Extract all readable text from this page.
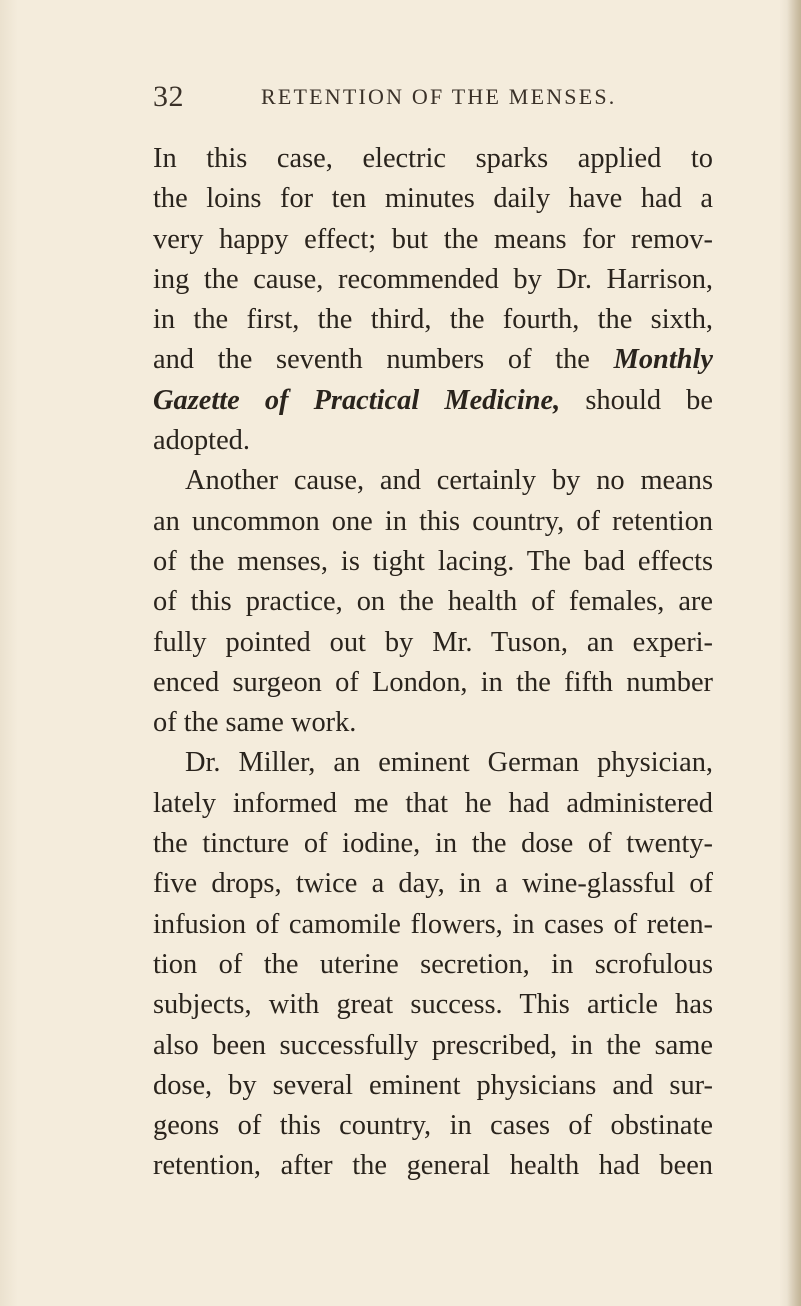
32	RETENTION OF THE MENSES.
In this case, electric sparks applied to
the loins for ten minutes daily have had a
very happy effect; but the means for remov-
ing the cause, recommended by Dr. Harrison,
in the first, the third, the fourth, the sixth,
and the seventh numbers of the Monthly
Gazette of Practical Medicine, should be
adopted.
Another cause, and certainly by no means
an uncommon one in this country, of retention
of the menses, is tight lacing. The bad effects
of this practice, on the health of females, are
fully pointed out by Mr. Tuson, an experi-
enced surgeon of London, in the fifth number
of the same work.
Dr. Miller, an eminent German physician,
lately informed me that he had administered
the tincture of iodine, in the dose of twenty-
five drops, twice a day, in a wine-glassful of
infusion of camomile flowers, in cases of reten-
tion of the uterine secretion, in scrofulous
subjects, with great success. This article has
also been successfully prescribed, in the same
dose, by several eminent physicians and sur-
geons of this country, in cases of obstinate
retention, after the general health had been
